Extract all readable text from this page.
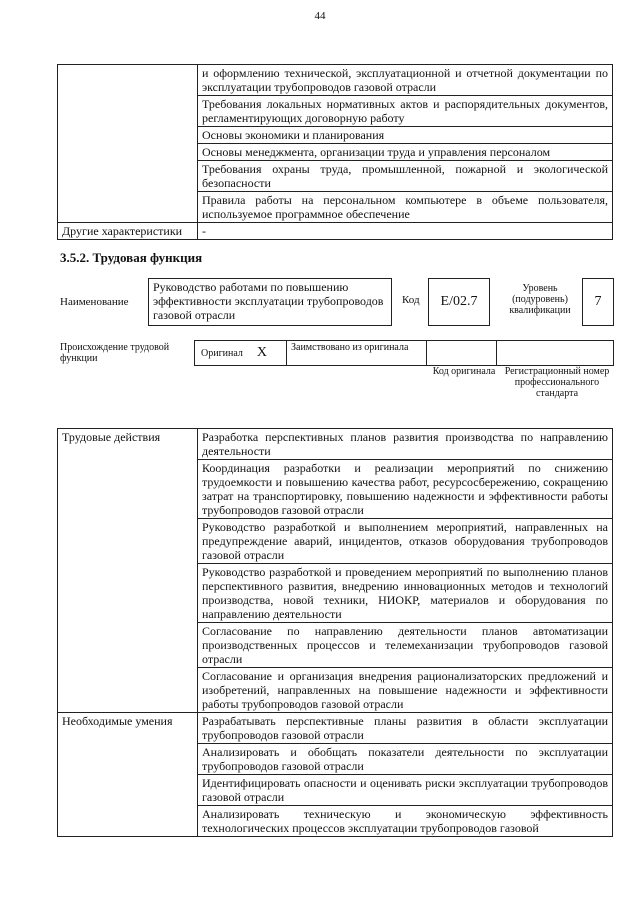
44
	и оформлению технической, эксплуатационной и отчетной документации по эксплуатации трубопроводов газовой отрасли
	Требования локальных нормативных актов и распорядительных документов, регламентирующих договорную работу
	Основы экономики и планирования
	Основы менеджмента, организации труда и управления персоналом
	Требования охраны труда, промышленной, пожарной и экологической безопасности
	Правила работы на персональном компьютере в объеме пользователя, используемое программное обеспечение
Другие характеристики	-
3.5.2. Трудовая функция
Наименование
Руководство работами по повышению эффективности эксплуатации трубопроводов газовой отрасли
Код E/02.7
Уровень (подуровень) квалификации
7
Происхождение трудовой функции	Оригинал X Заимствовано из оригинала
Код оригинала Регистрационный номер профессионального стандарта
Трудовые действия	Разработка перспективных планов развития производства по направлению деятельности
	Координация разработки и реализации мероприятий по снижению трудоемкости и повышению качества работ, ресурсосбережению, сокращению затрат на транспортировку, повышению надежности и эффективности работы трубопроводов газовой отрасли
	Руководство разработкой и выполнением мероприятий, направленных на предупреждение аварий, инцидентов, отказов оборудования трубопроводов газовой отрасли
	Руководство разработкой и проведением мероприятий по выполнению планов перспективного развития, внедрению инновационных методов и технологий производства, новой техники, НИОКР, материалов и оборудования по направлению деятельности
	Согласование по направлению деятельности планов автоматизации производственных процессов и телемеханизации трубопроводов газовой отрасли
	Согласование и организация внедрения рационализаторских предложений и изобретений, направленных на повышение надежности и эффективности работы трубопроводов газовой отрасли
Необходимые умения	Разрабатывать перспективные планы развития в области эксплуатации трубопроводов газовой отрасли
	Анализировать и обобщать показатели деятельности по эксплуатации трубопроводов газовой отрасли
	Идентифицировать опасности и оценивать риски эксплуатации трубопроводов газовой отрасли
	Анализировать техническую и экономическую эффективность технологических процессов эксплуатации трубопроводов газовой
